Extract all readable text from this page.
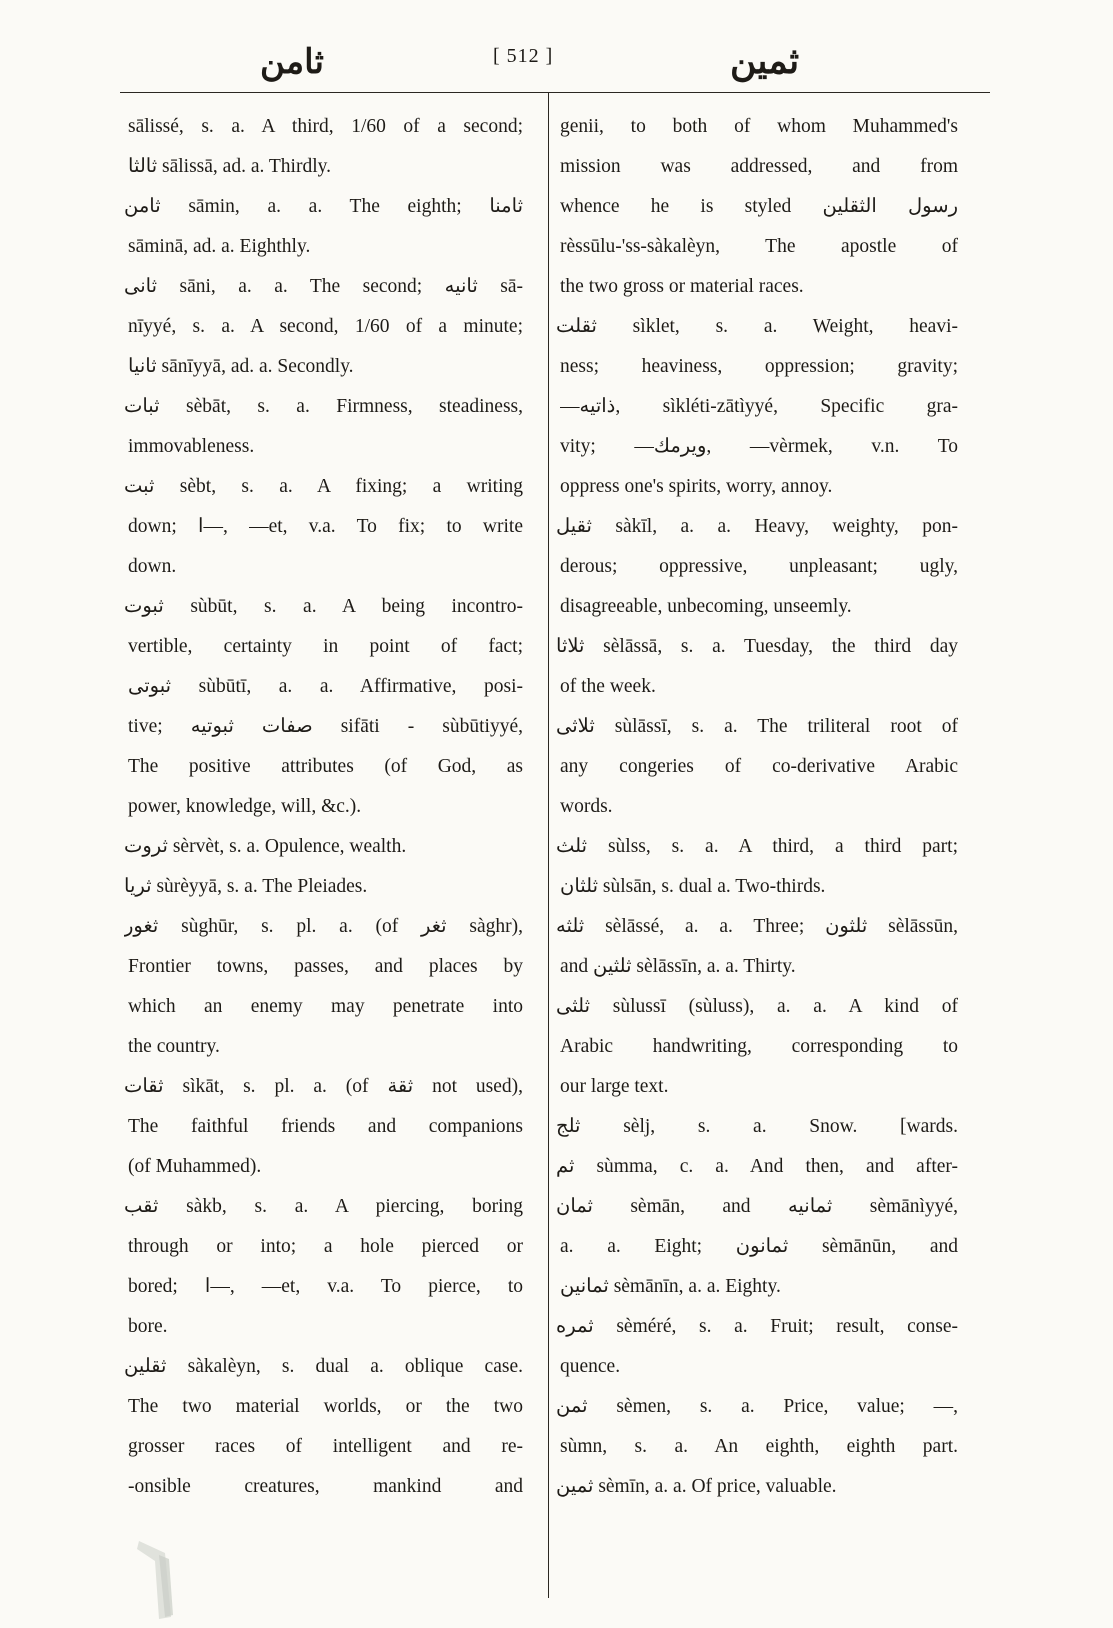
ثامن	[ 512 ]	ثمين
sālissé, s. a. A third, 1/60 of a second;
ثالثا sālissā, ad. a. Thirdly.
ثامن sāmin, a. a. The eighth; ثامنا
sāminā, ad. a. Eighthly.
ثانی sāni, a. a. The second; ثانیه sā-
nīyyé, s. a. A second, 1/60 of a minute;
ثانیا sānīyyā, ad. a. Secondly.
ثبات sèbāt, s. a. Firmness, steadiness,
immovableness.
ثبت sèbt, s. a. A fixing; a writing
down; ا—, —et, v.a. To fix; to write
down.
ثبوت sùbūt, s. a. A being incontro-
vertible, certainty in point of fact;
ثبوتی sùbūtī, a. a. Affirmative, posi-
tive; صفات ثبوتیه sifāti - sùbūtiyyé,
The positive attributes (of God, as
power, knowledge, will, &c.).
ثروت sèrvèt, s. a. Opulence, wealth.
ثریا sùrèyyā, s. a. The Pleiades.
ثغور sùghūr, s. pl. a. (of ثغر sàghr),
Frontier towns, passes, and places by
which an enemy may penetrate into
the country.
ثقات sìkāt, s. pl. a. (of ثقة not used),
The faithful friends and companions
(of Muhammed).
ثقب sàkb, s. a. A piercing, boring
through or into; a hole pierced or
bored; ا—, —et, v.a. To pierce, to
bore.
ثقلین sàkalèyn, s. dual a. oblique case.
The two material worlds, or the two
grosser races of intelligent and re-
-onsible creatures, mankind and
genii, to both of whom Muhammed's
mission was addressed, and from
whence he is styled رسول الثقلین
rèssūlu-'ss-sàkalèyn, The apostle of
the two gross or material races.
ثقلت sìklet, s. a. Weight, heavi-
ness; heaviness, oppression; gravity;
—ذاتیه, sìkléti-zātìyyé, Specific gra-
vity; —ویرمك, —vèrmek, v.n. To
oppress one's spirits, worry, annoy.
ثقیل sàkīl, a. a. Heavy, weighty, pon-
derous; oppressive, unpleasant; ugly,
disagreeable, unbecoming, unseemly.
ثلاثا sèlāssā, s. a. Tuesday, the third day
of the week.
ثلاثی sùlāssī, s. a. The triliteral root of
any congeries of co-derivative Arabic
words.
ثلث sùlss, s. a. A third, a third part;
ثلثان sùlsān, s. dual a. Two-thirds.
ثلثه sèlāssé, a. a. Three; ثلثون sèlāssūn,
and ثلثین sèlāssīn, a. a. Thirty.
ثلثی sùlussī (sùluss), a. a. A kind of
Arabic handwriting, corresponding to
our large text.
ثلج sèlj, s. a. Snow. [wards.
ثم sùmma, c. a. And then, and after-
ثمان sèmān, and ثمانیه sèmānìyyé,
a. a. Eight; ثمانون sèmānūn, and
ثمانین sèmānīn, a. a. Eighty.
ثمره sèméré, s. a. Fruit; result, conse-
quence.
ثمن sèmen, s. a. Price, value; —,
sùmn, s. a. An eighth, eighth part.
ثمین sèmīn, a. a. Of price, valuable.
